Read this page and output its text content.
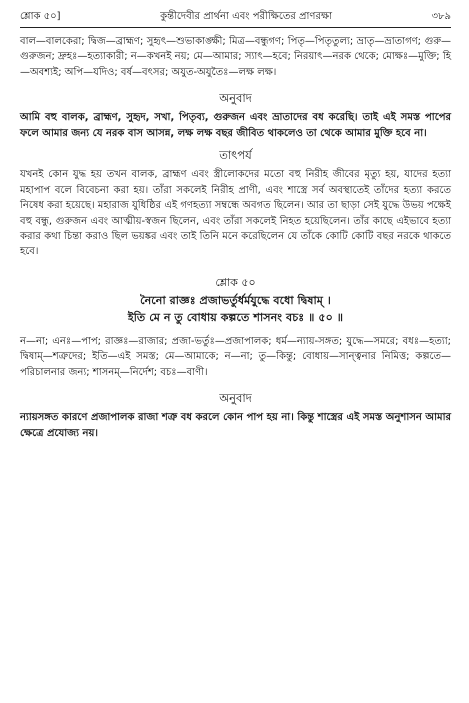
শ্লোক ৫০]	কুন্তীদেবীর প্রার্থনা এবং পরীক্ষিতের প্রাণরক্ষা	৩৮৯

বাল—বালকেরা; দ্বিজ—ব্রাহ্মণ; সুহৃৎ—শুভাকাঙ্ক্ষী; মিত্র—বন্ধুগণ; পিতৃ—পিতৃতুল্য; ভ্রাতৃ—ভ্রাতাগণ; গুরু—গুরুজন; দ্রুহঃ—হত্যাকারী; ন—কখনই নয়; মে—আমার; স্যাৎ—হবে; নিরয়াৎ—নরক থেকে; মোক্ষঃ—মুক্তি; হি—অবশ্যই; অপি—যদিও; বর্ষ—বৎসর; অযুত-অযুতৈঃ—লক্ষ লক্ষ।

অনুবাদ

আমি বহু বালক, ব্রাহ্মণ, সুহৃদ, সখা, পিতৃব্য, গুরুজন এবং ভ্রাতাদের বধ করেছি। তাই এই সমস্ত পাপের ফলে আমার জন্য যে নরক বাস আসন্ন, লক্ষ লক্ষ বছর জীবিত থাকলেও তা থেকে আমার মুক্তি হবে না।

তাৎপর্য

যখনই কোন যুদ্ধ হয় তখন বালক, ব্রাহ্মণ এবং স্ত্রীলোকদের মতো বহু নিরীহ জীবের মৃত্যু হয়, যাদের হত্যা মহাপাপ বলে বিবেচনা করা হয়। তাঁরা সকলেই নিরীহ প্রাণী, এবং শাস্ত্রে সর্ব অবস্থাতেই তাঁদের হত্যা করতে নিষেধ করা হয়েছে। মহারাজ যুধিষ্ঠির এই গণহত্যা সম্বন্ধে অবগত ছিলেন। আর তা ছাড়া সেই যুদ্ধে উভয় পক্ষেই বহু বন্ধু, গুরুজন এবং আত্মীয়-স্বজন ছিলেন, এবং তাঁরা সকলেই নিহত হয়েছিলেন। তাঁর কাছে এইভাবে হত্যা করার কথা চিন্তা করাও ছিল ভয়ঙ্কর এবং তাই তিনি মনে করেছিলেন যে তাঁকে কোটি কোটি বছর নরকে থাকতে হবে।

শ্লোক ৫০

নৈনো রাজ্ঞঃ প্রজাভর্তুর্ধর্মযুদ্ধে বধো দ্বিষাম্ ।

ইতি মে ন তু বোধায় কল্পতে শাসনং বচঃ ॥ ৫০ ॥

ন—না; এনঃ—পাপ; রাজ্ঞঃ—রাজার; প্রজা-ভর্তুঃ—প্রজাপালক; ধর্ম—ন্যায়-সঙ্গত; যুদ্ধে—সমরে; বধঃ—হত্যা; দ্বিষাম্—শত্রুদের; ইতি—এই সমস্ত; মে—আমাকে; ন—না; তু—কিন্তু; বোধায়—সান্ত্বনার নিমিত্ত; কল্পতে—পরিচালনার জন্য; শাসনম্—নির্দেশ; বচঃ—বাণী।

অনুবাদ

ন্যায়সঙ্গত কারণে প্রজাপালক রাজা শত্রু বধ করলে কোন পাপ হয় না। কিন্তু শাস্ত্রের এই সমস্ত অনুশাসন আমার ক্ষেত্রে প্রযোজ্য নয়।
